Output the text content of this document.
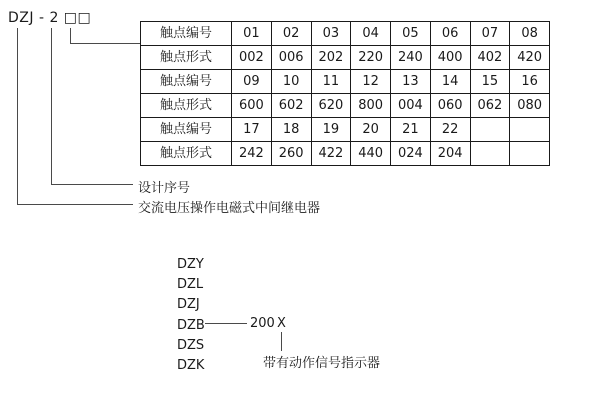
DZJ - 2 □□
触点编号	01	02	03	04	05	06	07	08
触点形式	002	006	202	220	240	400	402	420
触点编号	09	10	11	12	13	14	15	16
触点形式	600	602	620	800	004	060	062	080
触点编号	17	18	19	20	21	22		
触点形式	242	260	422	440	024	204		
设计序号
交流电压操作电磁式中间继电器
DZY
DZL
DZJ
DZB
DZS
DZK
200 X
带有动作信号指示器
